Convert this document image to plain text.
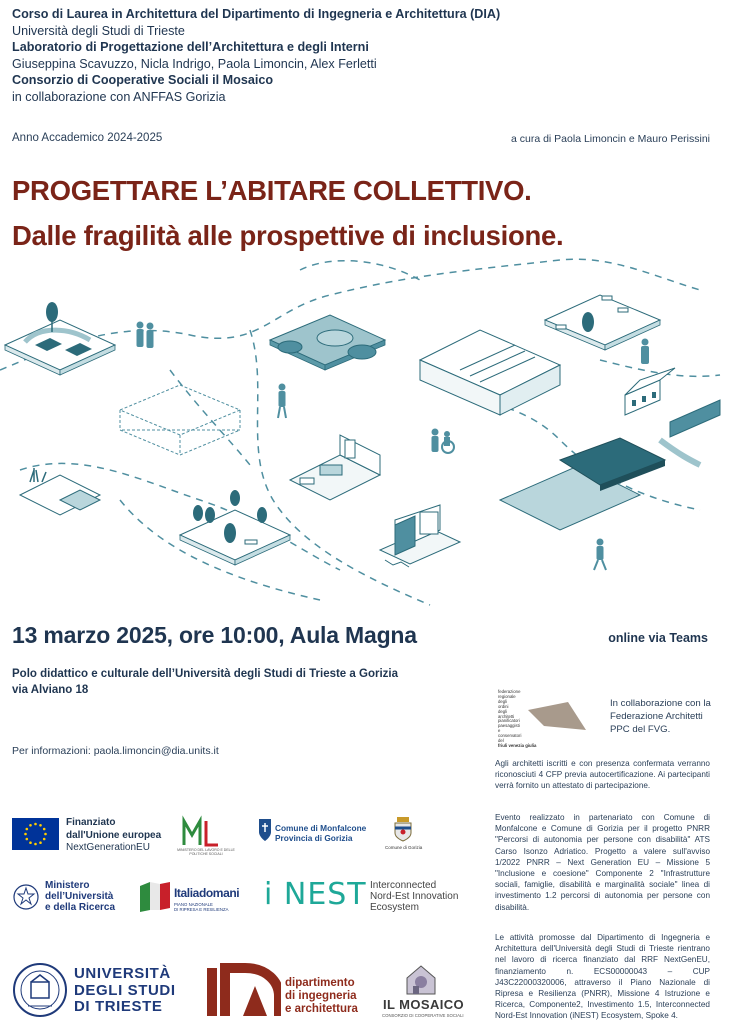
Corso di Laurea in Architettura del Dipartimento di Ingegneria e Architettura (DIA)
Università degli Studi di Trieste
Laboratorio di Progettazione dell’Architettura e degli Interni
Giuseppina Scavuzzo, Nicla Indrigo, Paola Limoncin, Alex Ferletti
Consorzio di Cooperative Sociali il Mosaico
in collaborazione con ANFFAS Gorizia
Anno Accademico 2024-2025	a cura di Paola Limoncin e Mauro Perissini
PROGETTARE L’ABITARE COLLETTIVO.
Dalle fragilità alle prospettive di inclusione.
13 marzo 2025, ore 10:00, Aula Magna	online via Teams
Polo didattico e culturale dell’Università degli Studi di Trieste a Gorizia
via Alviano 18
Per informazioni: paola.limoncin@dia.units.it
federazione
regionale
degli
ordini
degli
architetti
pianificatori
paesaggisti
e
conservatori
del
friuli venezia giulia
In collaborazione con la
Federazione Architetti
PPC del FVG.
Agli architetti iscritti e con presenza confermata verranno riconosciuti 4 CFP previa autocertificazione. Ai partecipanti verrà fornito un attestato di partecipazione.
Evento realizzato in partenariato con Comune di Monfalcone e Comune di Gorizia per il progetto PNRR "Percorsi di autonomia per persone con disabilità" ATS Carso Isonzo Adriatico. Progetto a valere sull'avviso 1/2022 PNRR – Next Generation EU – Missione 5 "Inclusione e coesione" Componente 2 "Infrastrutture sociali, famiglie, disabilità e marginalità sociale" linea di investimento 1.2 percorsi di autonomia per persone con disabilità.
Le attività promosse dal Dipartimento di Ingegneria e Architettura dell'Università degli Studi di Trieste rientrano nel lavoro di ricerca finanziato dal RRF NextGenEU, finanziamento n. ECS00000043 – CUP J43C22000320006, attraverso il Piano Nazionale di Ripresa e Resilienza (PNRR), Missione 4 Istruzione e Ricerca, Componente2, Investimento 1.5, Interconnected Nord-Est Innovation (iNEST) Ecosystem, Spoke 4.
Finanziato
dall'Unione europea
NextGenerationEU	MINISTERO DEL LAVORO E DELLE POLITICHE SOCIALI
Comune di Monfalcone
Provincia di Gorizia
Comune di Gorizia
Ministero
dell’Università
e della Ricerca
Italiadomani
PIANO NAZIONALE
DI RIPRESA E RESILIENZA i NEST Interconnected
Nord-Est Innovation
Ecosystem
UNIVERSITÀ
DEGLI STUDI
DI TRIESTE
dipartimento
di ingegneria
e architettura IL MOSAICO
CONSORZIO DI COOPERATIVE SOCIALI
